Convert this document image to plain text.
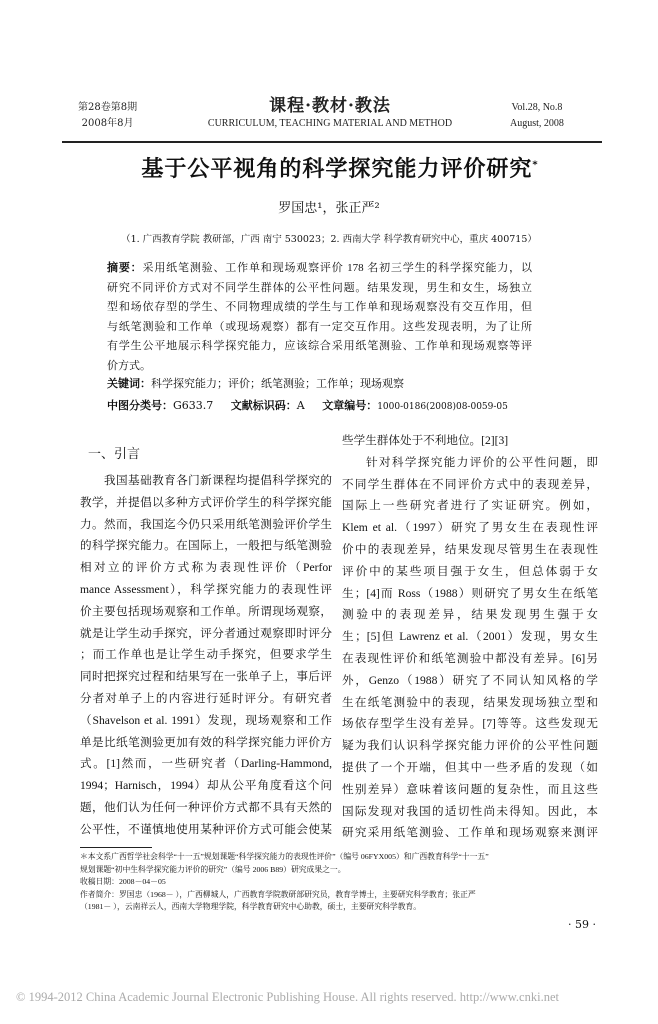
第28卷第8期
2008年8月
课程·教材·教法
CURRICULUM, TEACHING MATERIAL AND METHOD
Vol.28, No.8
August, 2008
基于公平视角的科学探究能力评价研究*
罗国忠¹，张正严²
（1. 广西教育学院 教研部，广西 南宁 530023；2. 西南大学 科学教育研究中心，重庆 400715）
摘要：采用纸笔测验、工作单和现场观察评价 178 名初三学生的科学探究能力，以
研究不同评价方式对不同学生群体的公平性问题。结果发现，男生和女生，场独立
型和场依存型的学生、不同物理成绩的学生与工作单和现场观察没有交互作用，但
与纸笔测验和工作单（或现场观察）都有一定交互作用。这些发现表明，为了让所
有学生公平地展示科学探究能力，应该综合采用纸笔测验、工作单和现场观察等评
价方式。
关键词：科学探究能力；评价；纸笔测验；工作单；现场观察
中图分类号：G633.7 文献标识码：A 文章编号：1000-0186(2008)08-0059-05
一、引言
我国基础教育各门新课程均提倡科学探究的
教学，并提倡以多种方式评价学生的科学探究能
力。然而，我国迄今仍只采用纸笔测验评价学生
的科学探究能力。在国际上，一般把与纸笔测验
相对立的评价方式称为表现性评价（Perfor
mance Assessment），科学探究能力的表现性评
价主要包括现场观察和工作单。所谓现场观察，
就是让学生动手探究，评分者通过观察即时评分
；而工作单也是让学生动手探究，但要求学生
同时把探究过程和结果写在一张单子上，事后评
分者对单子上的内容进行延时评分。有研究者
（Shavelson et al. 1991）发现，现场观察和工作
单是比纸笔测验更加有效的科学探究能力评价方
式。[1]然而，一些研究者（Darling-Hammond,
1994；Harnisch，1994）却从公平角度看这个问
题，他们认为任何一种评价方式都不具有天然的
公平性，不谨慎地使用某种评价方式可能会使某
些学生群体处于不利地位。[2][3]
针对科学探究能力评价的公平性问题，即
不同学生群体在不同评价方式中的表现差异，
国际上一些研究者进行了实证研究。例如，
Klem et al.（1997）研究了男女生在表现性评
价中的表现差异，结果发现尽管男生在表现性
评价中的某些项目强于女生，但总体弱于女
生；[4]而 Ross（1988）则研究了男女生在纸笔
测验中的表现差异，结果发现男生强于女
生；[5]但 Lawrenz et al.（2001）发现，男女生
在表现性评价和纸笔测验中都没有差异。[6]另
外，Genzo（1988）研究了不同认知风格的学
生在纸笔测验中的表现，结果发现场独立型和
场依存型学生没有差异。[7]等等。这些发现无
疑为我们认识科学探究能力评价的公平性问题
提供了一个开端，但其中一些矛盾的发现（如
性别差异）意味着该问题的复杂性，而且这些
国际发现对我国的适切性尚未得知。因此，本
研究采用纸笔测验、工作单和现场观察来测评
＊本文系广西哲学社会科学“十一五”规划课题“科学探究能力的表现性评价”（编号 06FYX005）和广西教育科学“十一五”
规划课题“初中生科学探究能力评价的研究”（编号 2006 B89）研究成果之一。
收稿日期：2008－04－05
作者简介：罗国忠（1968－ ），广西柳城人，广西教育学院教研部研究员，教育学博士，主要研究科学教育；张正严
（1981－ ），云南祥云人，西南大学物理学院，科学教育研究中心助教，硕士，主要研究科学教育。
· 59 ·
© 1994-2012 China Academic Journal Electronic Publishing House. All rights reserved. http://www.cnki.net
